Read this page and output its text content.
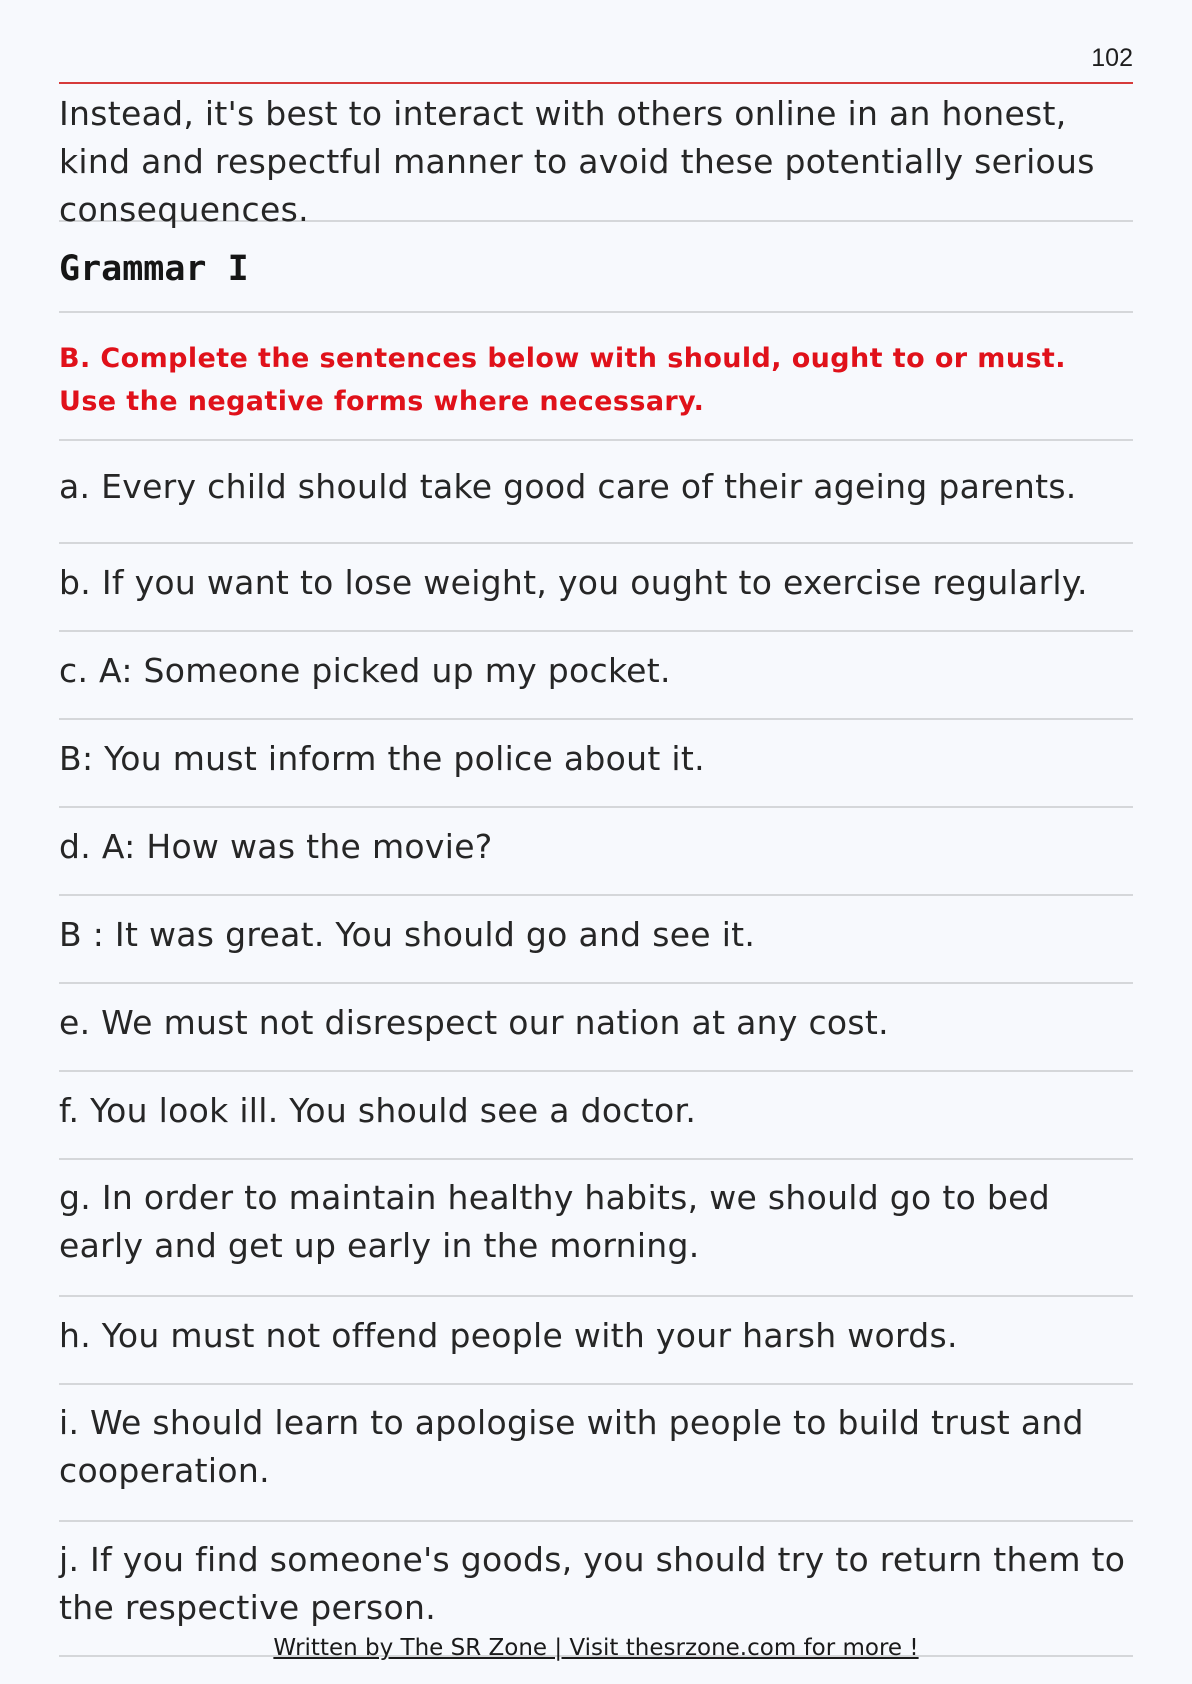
102
Instead, it's best to interact with others online in an honest, kind and respectful manner to avoid these potentially serious consequences.
Grammar I
B. Complete the sentences below with should, ought to or must. Use the negative forms where necessary.
a. Every child should take good care of their ageing parents.
b. If you want to lose weight, you ought to exercise regularly.
c. A: Someone picked up my pocket.
B: You must inform the police about it.
d. A: How was the movie?
B : It was great. You should go and see it.
e. We must not disrespect our nation at any cost.
f. You look ill. You should see a doctor.
g. In order to maintain healthy habits, we should go to bed early and get up early in the morning.
h. You must not offend people with your harsh words.
i. We should learn to apologise with people to build trust and cooperation.
j. If you find someone's goods, you should try to return them to the respective person.
Written by The SR Zone | Visit thesrzone.com for more !
